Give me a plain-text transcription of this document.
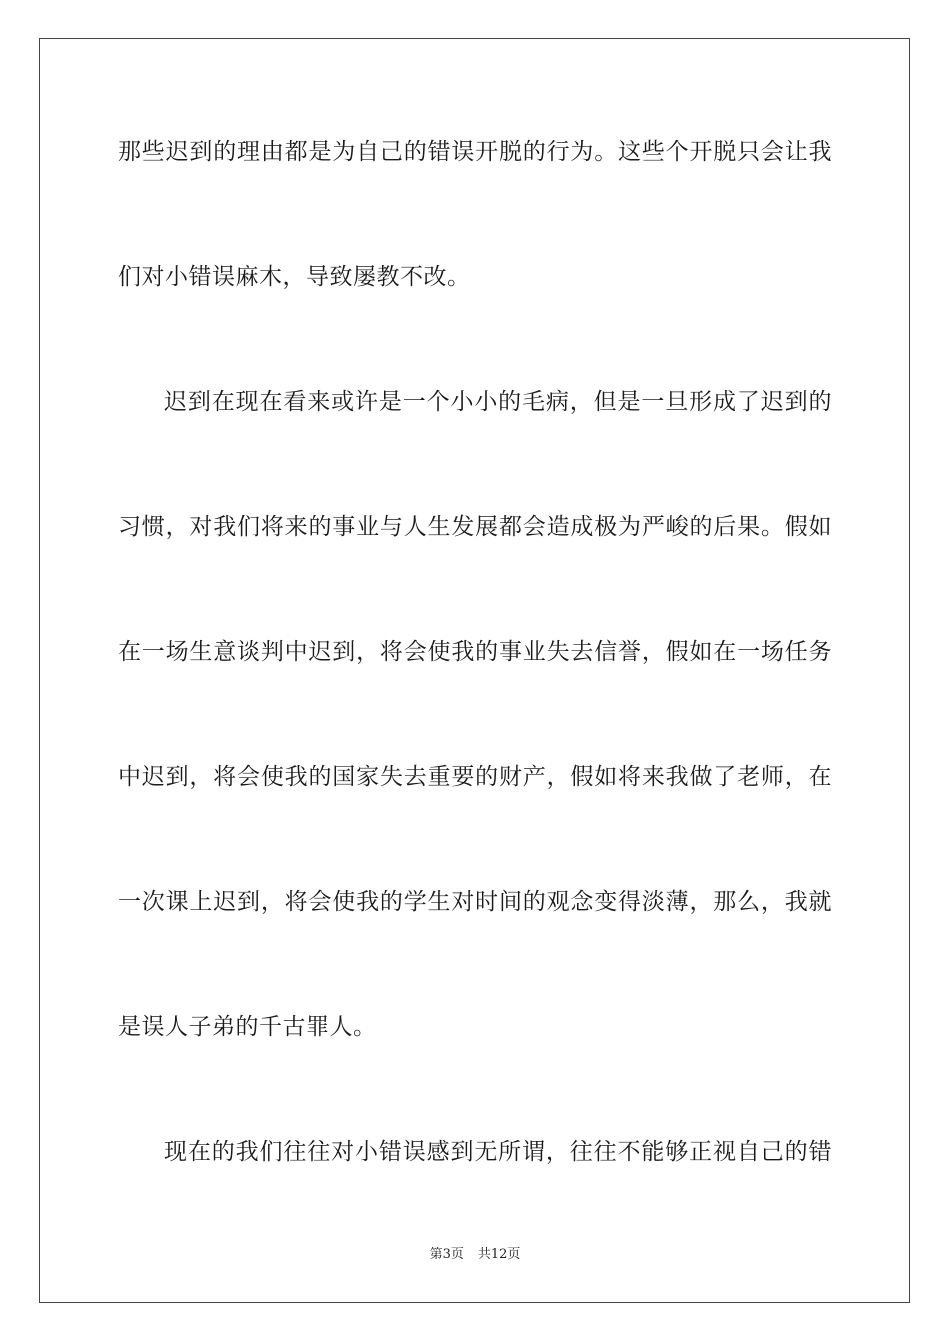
那些迟到的理由都是为自己的错误开脱的行为。这些个开脱只会让我
们对小错误麻木，导致屡教不改。
迟到在现在看来或许是一个小小的毛病，但是一旦形成了迟到的
习惯，对我们将来的事业与人生发展都会造成极为严峻的后果。假如
在一场生意谈判中迟到，将会使我的事业失去信誉，假如在一场任务
中迟到，将会使我的国家失去重要的财产，假如将来我做了老师，在
一次课上迟到，将会使我的学生对时间的观念变得淡薄，那么，我就
是误人子弟的千古罪人。
现在的我们往往对小错误感到无所谓，往往不能够正视自己的错
第3页 共12页
